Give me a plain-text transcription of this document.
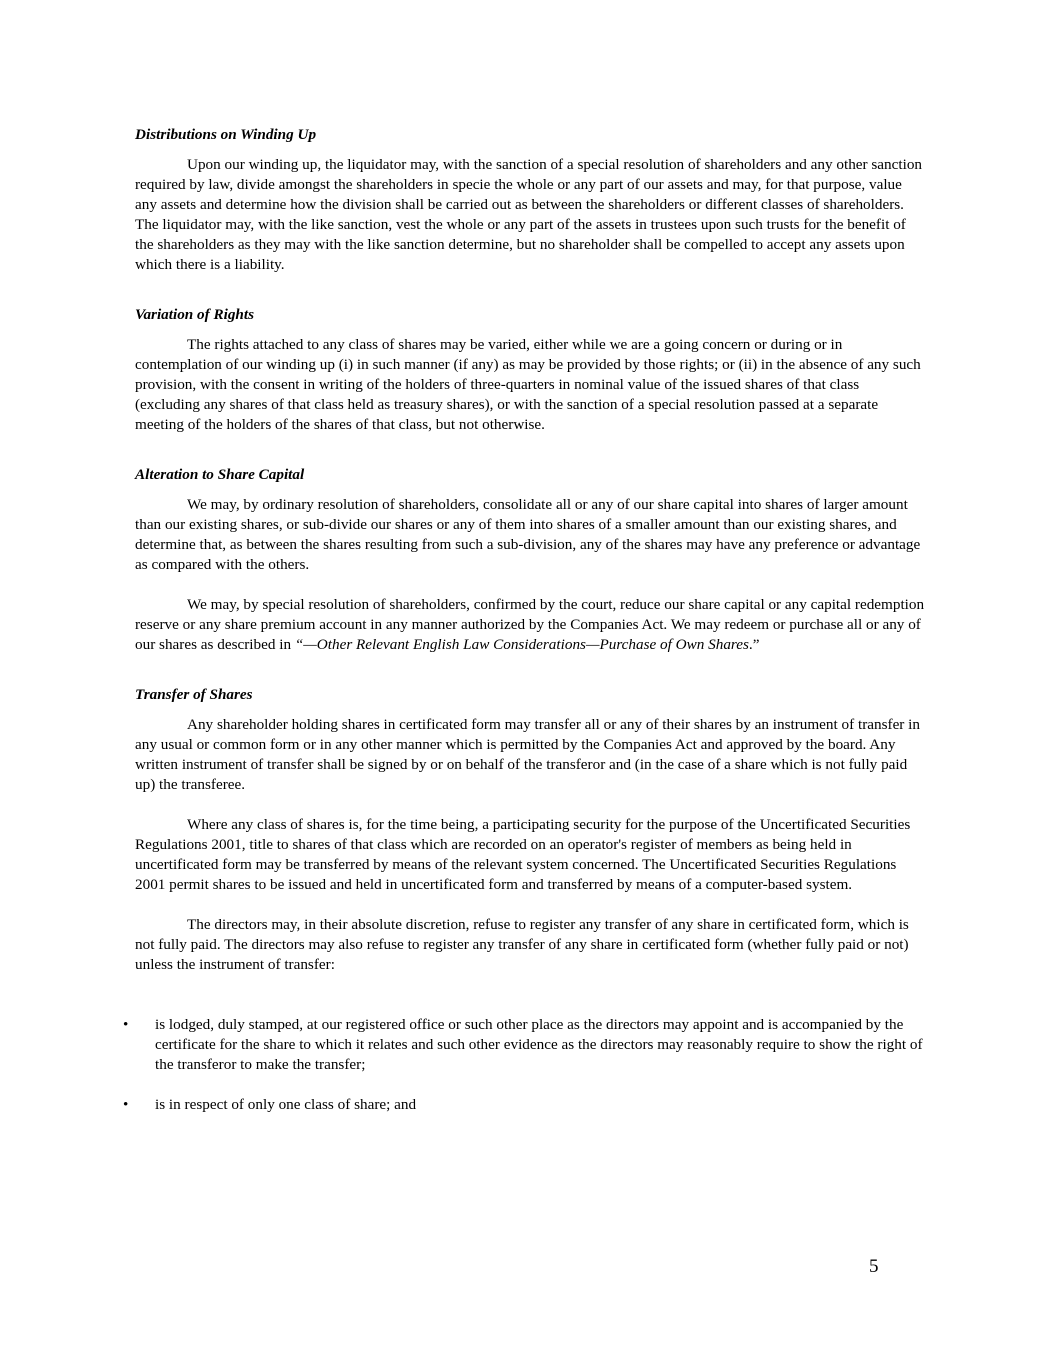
Distributions on Winding Up

Upon our winding up, the liquidator may, with the sanction of a special resolution of shareholders and any other sanction required by law, divide amongst the shareholders in specie the whole or any part of our assets and may, for that purpose, value any assets and determine how the division shall be carried out as between the shareholders or different classes of shareholders. The liquidator may, with the like sanction, vest the whole or any part of the assets in trustees upon such trusts for the benefit of the shareholders as they may with the like sanction determine, but no shareholder shall be compelled to accept any assets upon which there is a liability.

Variation of Rights

The rights attached to any class of shares may be varied, either while we are a going concern or during or in contemplation of our winding up (i) in such manner (if any) as may be provided by those rights; or (ii) in the absence of any such provision, with the consent in writing of the holders of three-quarters in nominal value of the issued shares of that class (excluding any shares of that class held as treasury shares), or with the sanction of a special resolution passed at a separate meeting of the holders of the shares of that class, but not otherwise.

Alteration to Share Capital

We may, by ordinary resolution of shareholders, consolidate all or any of our share capital into shares of larger amount than our existing shares, or sub-divide our shares or any of them into shares of a smaller amount than our existing shares, and determine that, as between the shares resulting from such a sub-division, any of the shares may have any preference or advantage as compared with the others.

We may, by special resolution of shareholders, confirmed by the court, reduce our share capital or any capital redemption reserve or any share premium account in any manner authorized by the Companies Act. We may redeem or purchase all or any of our shares as described in “—Other Relevant English Law Considerations—Purchase of Own Shares.”

Transfer of Shares

Any shareholder holding shares in certificated form may transfer all or any of their shares by an instrument of transfer in any usual or common form or in any other manner which is permitted by the Companies Act and approved by the board. Any written instrument of transfer shall be signed by or on behalf of the transferor and (in the case of a share which is not fully paid up) the transferee.

Where any class of shares is, for the time being, a participating security for the purpose of the Uncertificated Securities Regulations 2001, title to shares of that class which are recorded on an operator's register of members as being held in uncertificated form may be transferred by means of the relevant system concerned. The Uncertificated Securities Regulations 2001 permit shares to be issued and held in uncertificated form and transferred by means of a computer-based system.

The directors may, in their absolute discretion, refuse to register any transfer of any share in certificated form, which is not fully paid. The directors may also refuse to register any transfer of any share in certificated form (whether fully paid or not) unless the instrument of transfer:

• is lodged, duly stamped, at our registered office or such other place as the directors may appoint and is accompanied by the certificate for the share to which it relates and such other evidence as the directors may reasonably require to show the right of the transferor to make the transfer;
• is in respect of only one class of share; and
5
